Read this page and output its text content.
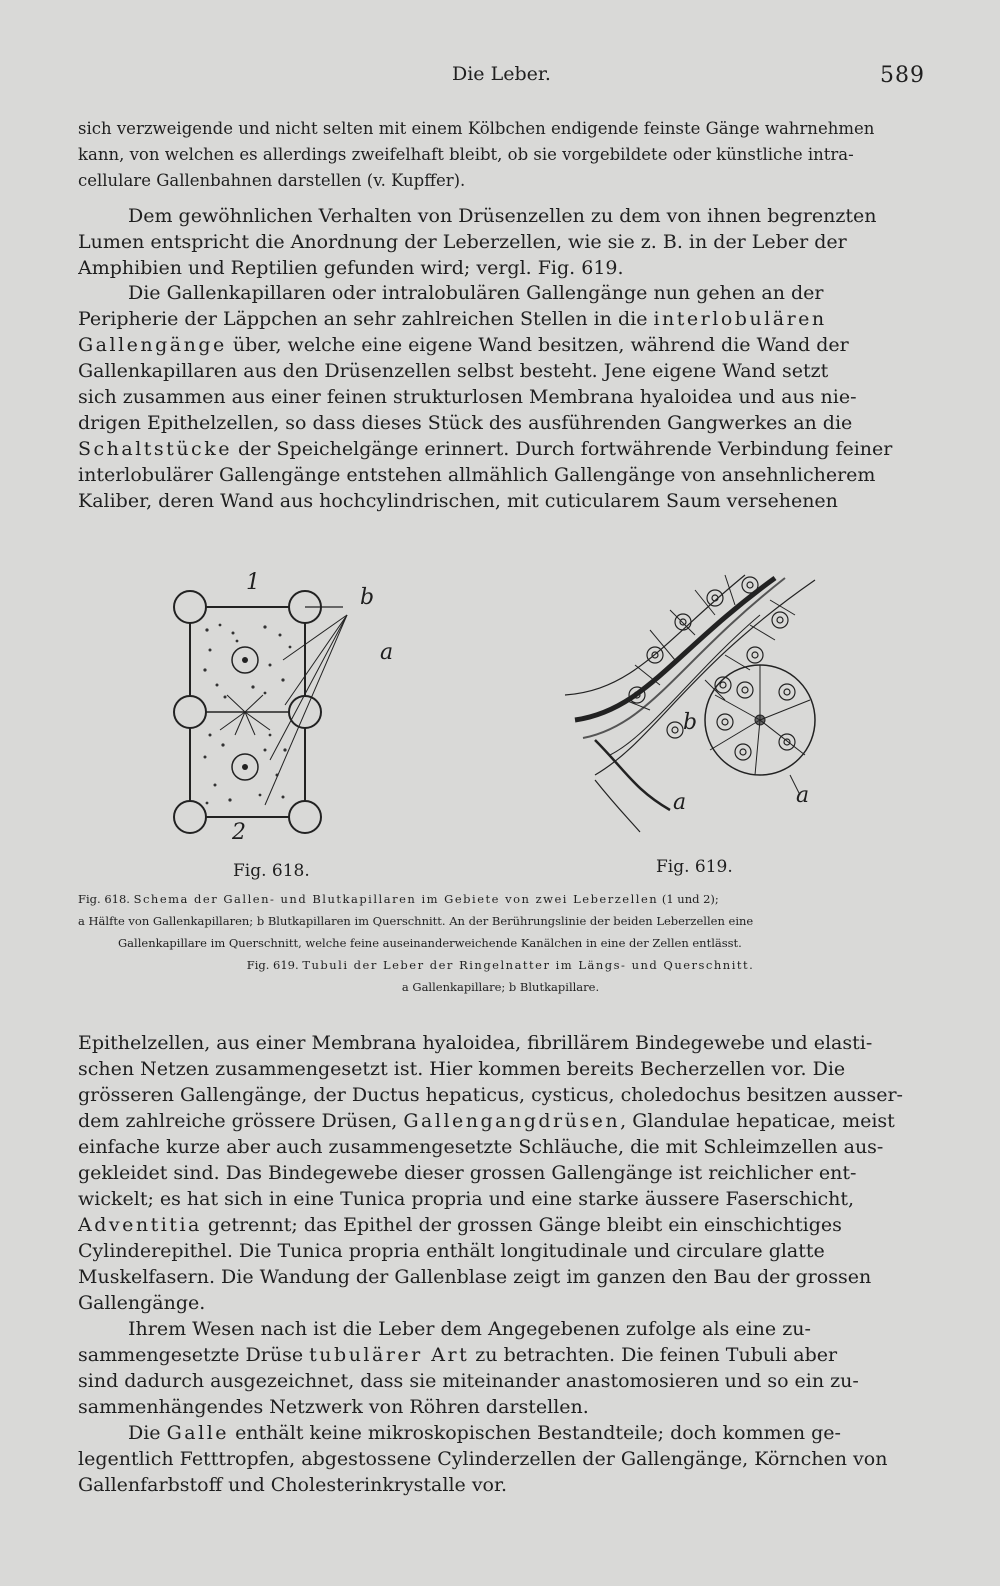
Die Leber.	589
sich verzweigende und nicht selten mit einem Kölbchen endigende feinste Gänge wahrnehmen
kann, von welchen es allerdings zweifelhaft bleibt, ob sie vorgebildete oder künstliche intra-
cellulare Gallenbahnen darstellen (v. Kupffer).
Dem gewöhnlichen Verhalten von Drüsenzellen zu dem von ihnen begrenzten
Lumen entspricht die Anordnung der Leberzellen, wie sie z. B. in der Leber der
Amphibien und Reptilien gefunden wird; vergl. Fig. 619.
Die Gallenkapillaren oder intralobulären Gallengänge nun gehen an der
Peripherie der Läppchen an sehr zahlreichen Stellen in die interlobulären
Gallengänge über, welche eine eigene Wand besitzen, während die Wand der
Gallenkapillaren aus den Drüsenzellen selbst besteht. Jene eigene Wand setzt
sich zusammen aus einer feinen strukturlosen Membrana hyaloidea und aus nie-
drigen Epithelzellen, so dass dieses Stück des ausführenden Gangwerkes an die
Schaltstücke der Speichelgänge erinnert. Durch fortwährende Verbindung feiner
interlobulärer Gallengänge entstehen allmählich Gallengänge von ansehnlicherem
Kaliber, deren Wand aus hochcylindrischen, mit cuticularem Saum versehenen
1
b
a
2
Fig. 618.
b
a	a
Fig. 619.
Fig. 618. Schema der Gallen- und Blutkapillaren im Gebiete von zwei Leberzellen (1 und 2);
a Hälfte von Gallenkapillaren; b Blutkapillaren im Querschnitt. An der Berührungslinie der beiden Leberzellen eine
Gallenkapillare im Querschnitt, welche feine auseinanderweichende Kanälchen in eine der Zellen entlässt.
Fig. 619. Tubuli der Leber der Ringelnatter im Längs- und Querschnitt.
a Gallenkapillare; b Blutkapillare.
Epithelzellen, aus einer Membrana hyaloidea, fibrillärem Bindegewebe und elasti-
schen Netzen zusammengesetzt ist. Hier kommen bereits Becherzellen vor. Die
grösseren Gallengänge, der Ductus hepaticus, cysticus, choledochus besitzen ausser-
dem zahlreiche grössere Drüsen, Gallengangdrüsen, Glandulae hepaticae, meist
einfache kurze aber auch zusammengesetzte Schläuche, die mit Schleimzellen aus-
gekleidet sind. Das Bindegewebe dieser grossen Gallengänge ist reichlicher ent-
wickelt; es hat sich in eine Tunica propria und eine starke äussere Faserschicht,
Adventitia getrennt; das Epithel der grossen Gänge bleibt ein einschichtiges
Cylinderepithel. Die Tunica propria enthält longitudinale und circulare glatte
Muskelfasern. Die Wandung der Gallenblase zeigt im ganzen den Bau der grossen
Gallengänge.
Ihrem Wesen nach ist die Leber dem Angegebenen zufolge als eine zu-
sammengesetzte Drüse tubulärer Art zu betrachten. Die feinen Tubuli aber
sind dadurch ausgezeichnet, dass sie miteinander anastomosieren und so ein zu-
sammenhängendes Netzwerk von Röhren darstellen.
Die Galle enthält keine mikroskopischen Bestandteile; doch kommen ge-
legentlich Fetttropfen, abgestossene Cylinderzellen der Gallengänge, Körnchen von
Gallenfarbstoff und Cholesterinkrystalle vor.
